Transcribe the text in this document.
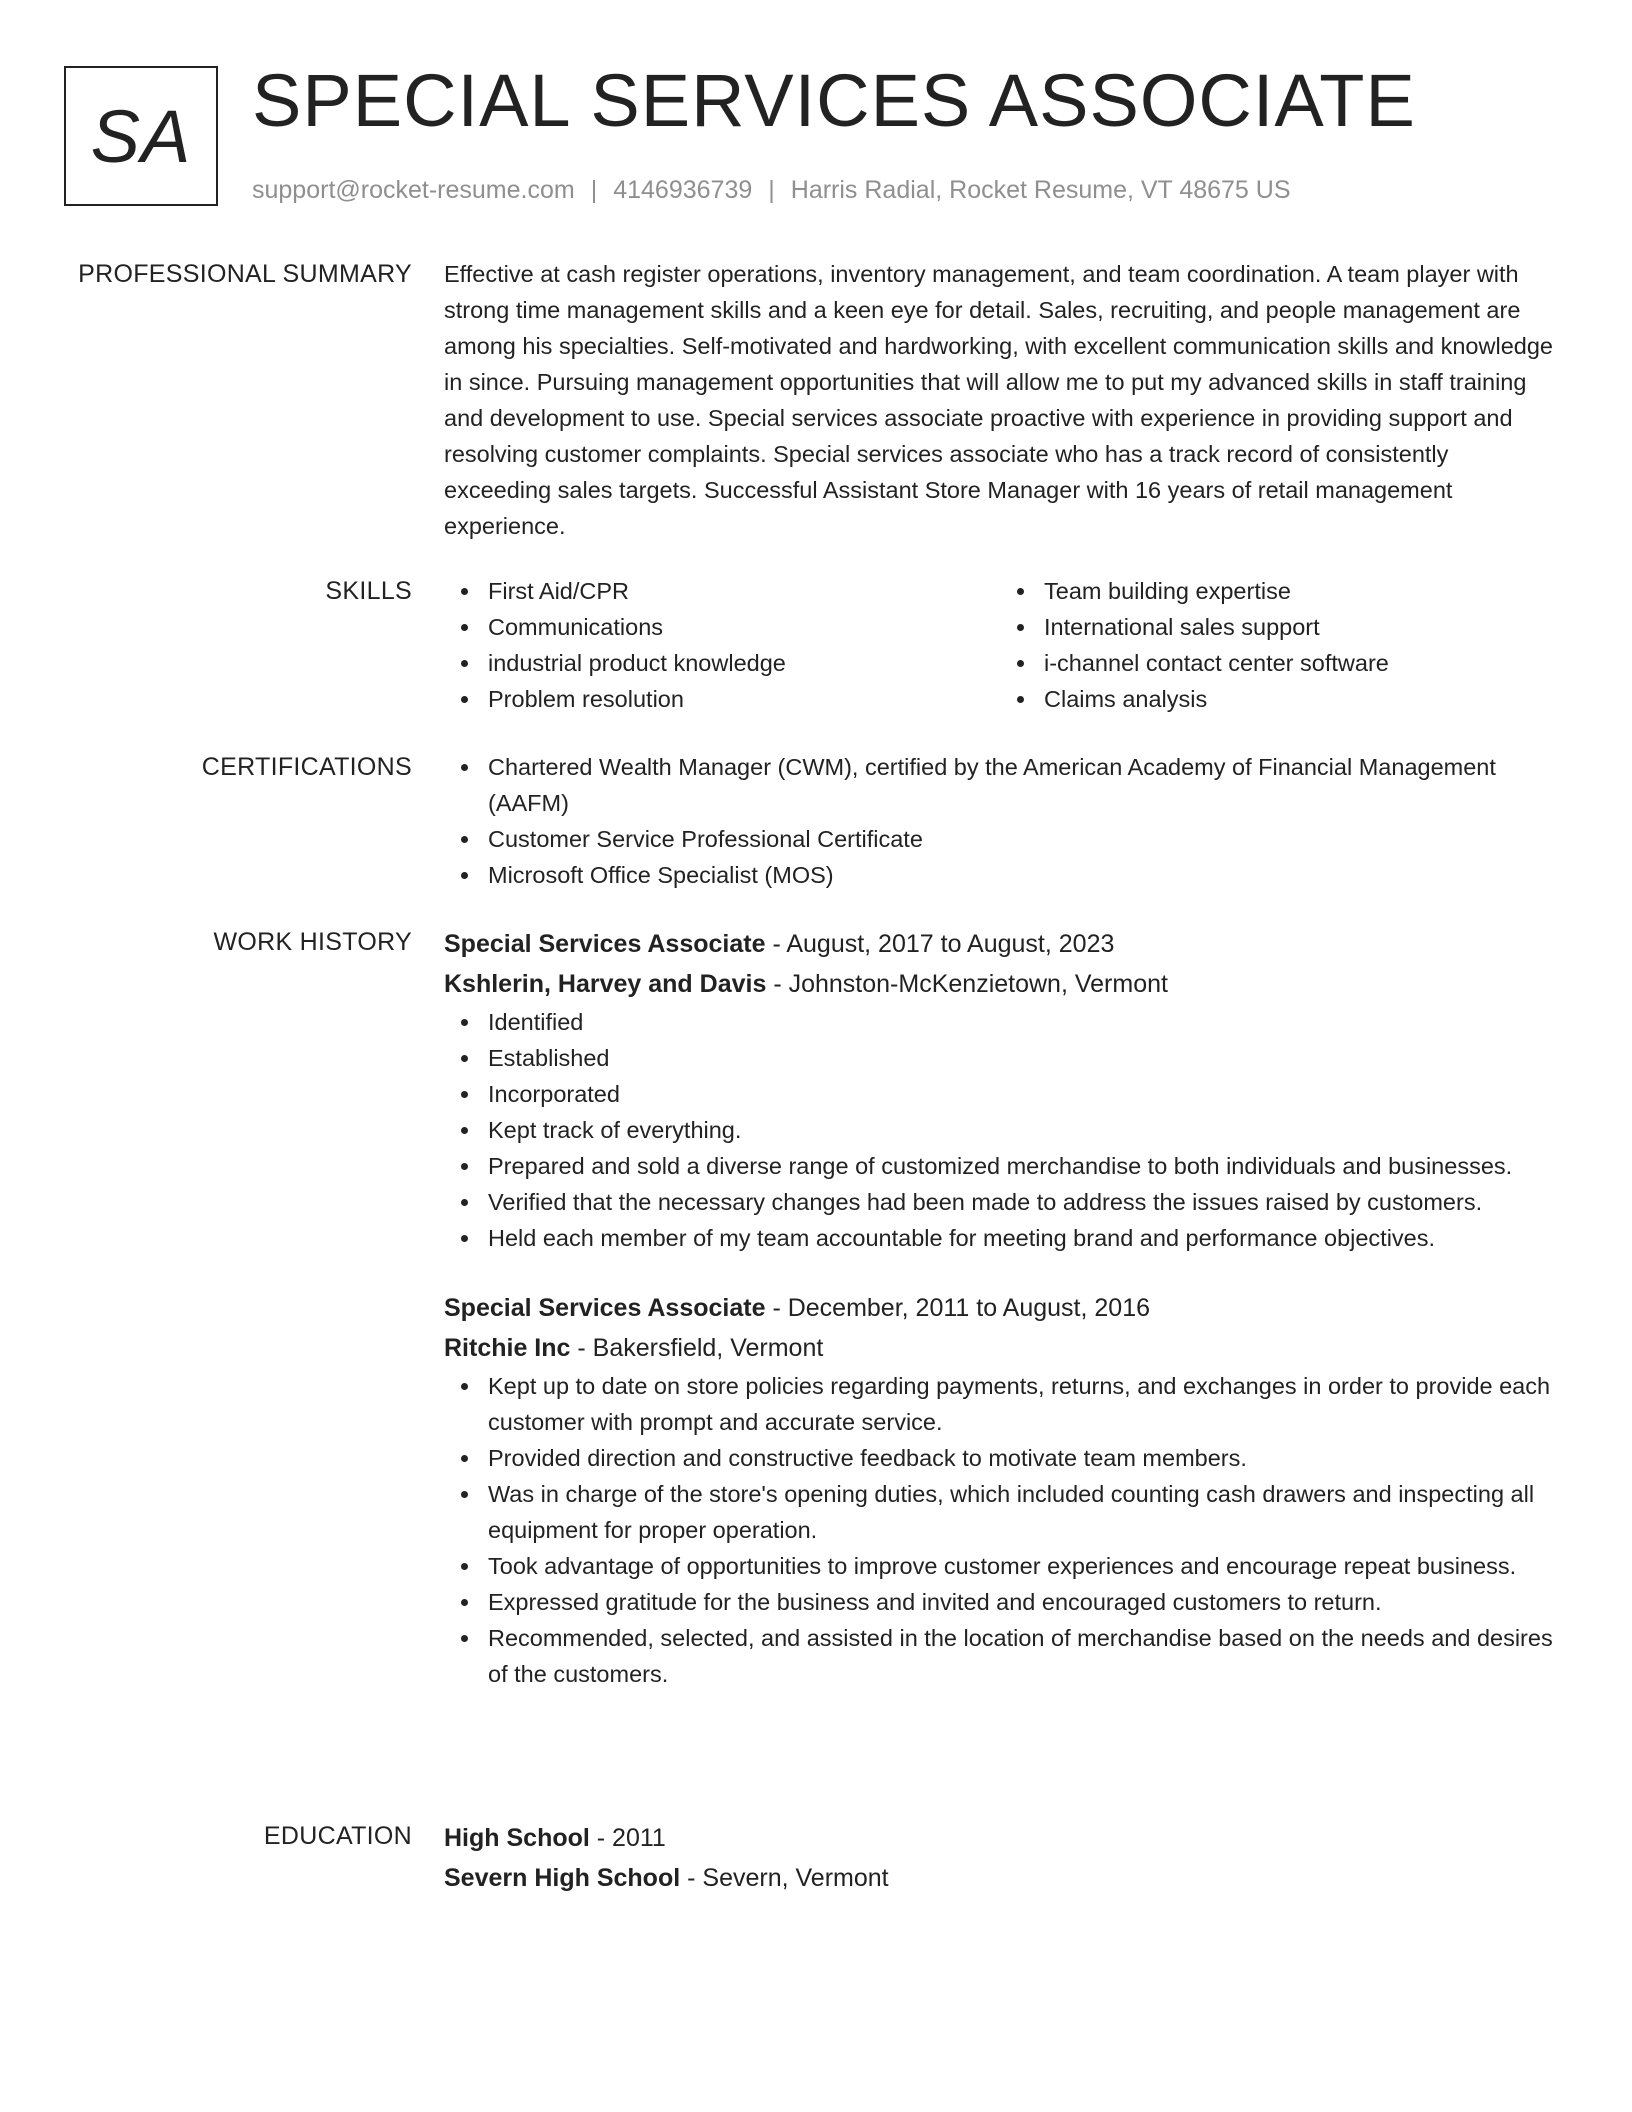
SA SPECIAL SERVICES ASSOCIATE
support@rocket-resume.com | 4146936739 | Harris Radial, Rocket Resume, VT 48675 US
PROFESSIONAL SUMMARY Effective at cash register operations, inventory management, and team coordination. A team player with strong time management skills and a keen eye for detail. Sales, recruiting, and people management are among his specialties. Self-motivated and hardworking, with excellent communication skills and knowledge in since. Pursuing management opportunities that will allow me to put my advanced skills in staff training and development to use. Special services associate proactive with experience in providing support and resolving customer complaints. Special services associate who has a track record of consistently exceeding sales targets. Successful Assistant Store Manager with 16 years of retail management experience.

SKILLS	First Aid/CPR
Communications
industrial product knowledge
Problem resolution
Team building expertise
International sales support
i-channel contact center software
Claims analysis
CERTIFICATIONS	Chartered Wealth Manager (CWM), certified by the American Academy of Financial Management (AAFM)
Customer Service Professional Certificate
Microsoft Office Specialist (MOS)
WORK HISTORY Special Services Associate - August, 2017 to August, 2023
Kshlerin, Harvey and Davis - Johnston-McKenzietown, Vermont
Identified
Established
Incorporated
Kept track of everything.
Prepared and sold a diverse range of customized merchandise to both individuals and businesses.
Verified that the necessary changes had been made to address the issues raised by customers.
Held each member of my team accountable for meeting brand and performance objectives.
Special Services Associate - December, 2011 to August, 2016
Ritchie Inc - Bakersfield, Vermont
Kept up to date on store policies regarding payments, returns, and exchanges in order to provide each customer with prompt and accurate service.
Provided direction and constructive feedback to motivate team members.
Was in charge of the store's opening duties, which included counting cash drawers and inspecting all equipment for proper operation.
Took advantage of opportunities to improve customer experiences and encourage repeat business.
Expressed gratitude for the business and invited and encouraged customers to return.
Recommended, selected, and assisted in the location of merchandise based on the needs and desires of the customers.
EDUCATION High School - 2011
Severn High School - Severn, Vermont
